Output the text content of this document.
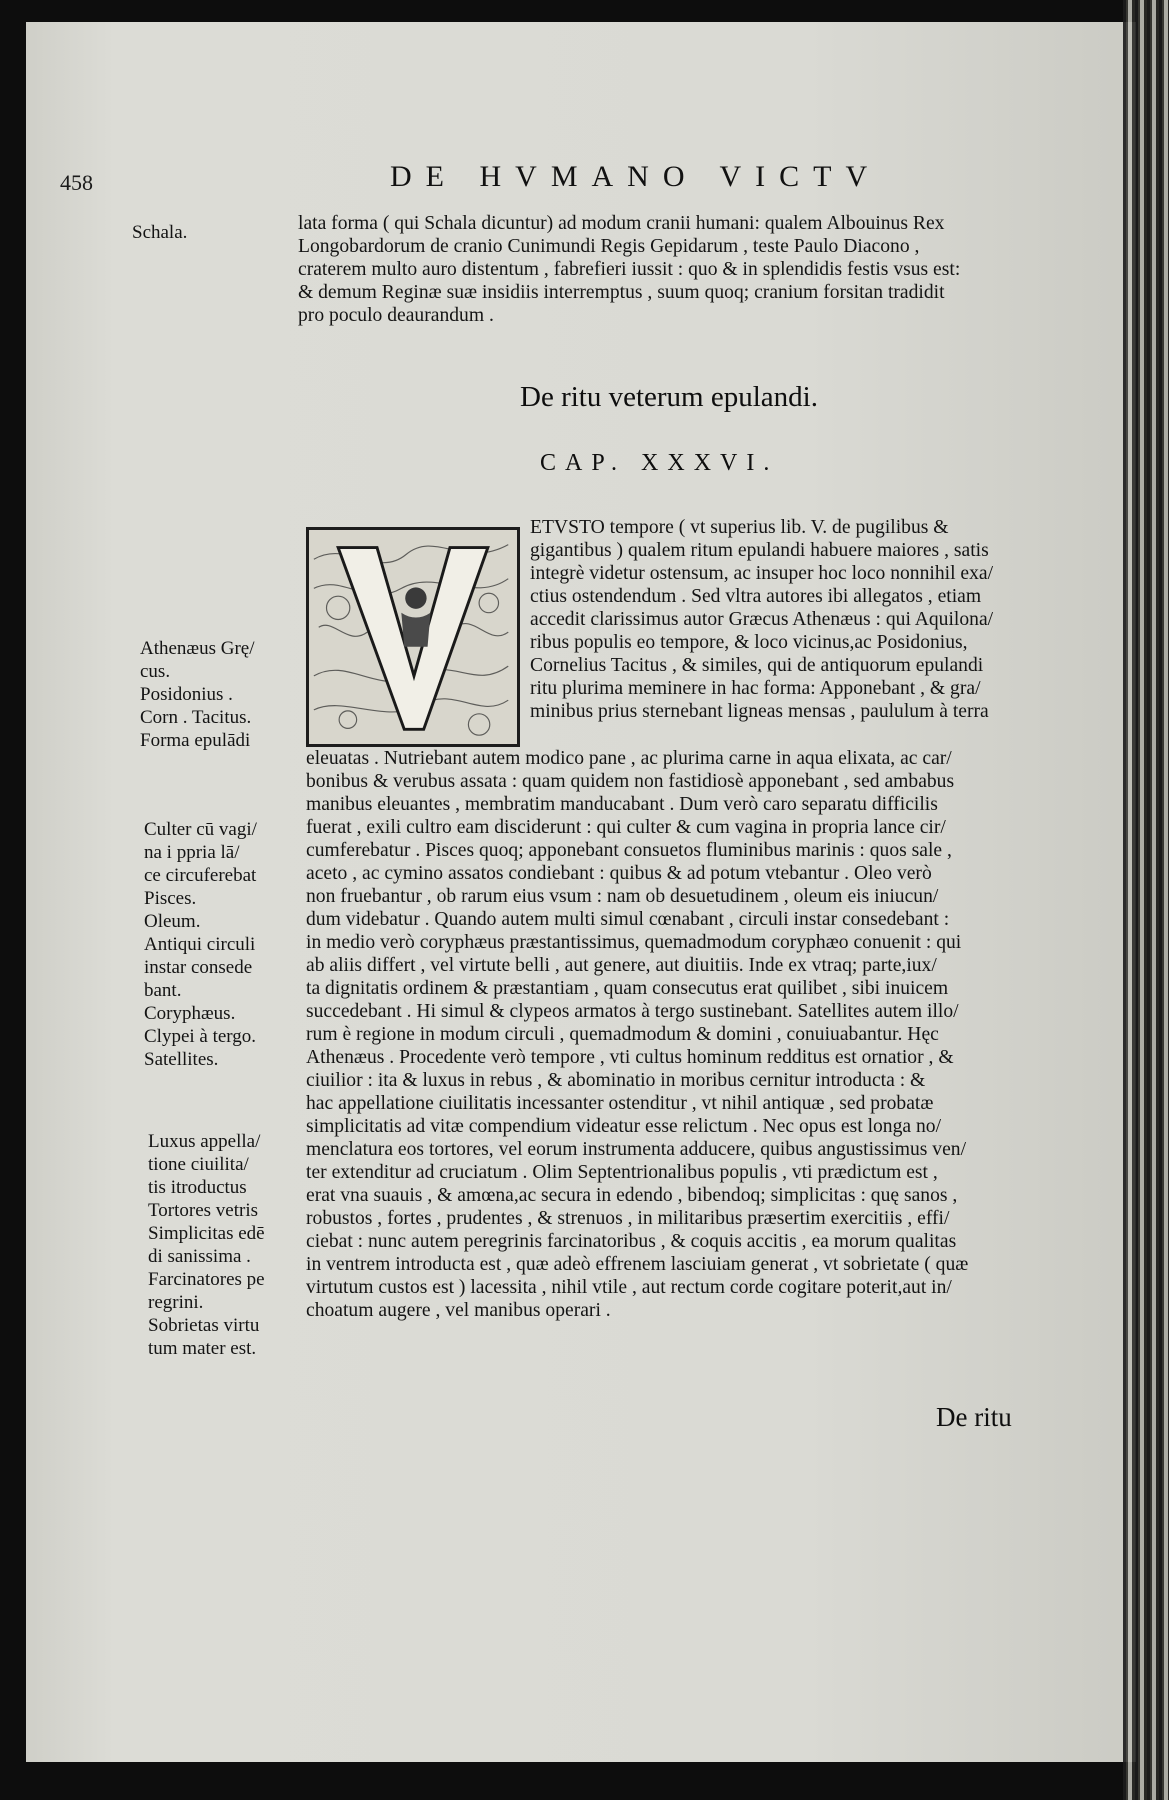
458	DE HVMANO VICTV
Schala.	lata forma ( qui Schala dicuntur) ad modum cranii humani: qualem Albouinus Rex
Longobardorum de cranio Cunimundi Regis Gepidarum , teste Paulo Diacono ,
craterem multo auro distentum , fabrefieri iussit : quo & in splendidis festis vsus est:
& demum Reginæ suæ insidiis interremptus , suum quoq; cranium forsitan tradidit
pro poculo deaurandum .
De ritu veterum epulandi.
CAP. XXXVI.
ETVSTO tempore ( vt superius lib. V. de pugilibus &
gigantibus ) qualem ritum epulandi habuere maiores , satis
integrè videtur ostensum, ac insuper hoc loco nonnihil exa/
ctius ostendendum . Sed vltra autores ibi allegatos , etiam
accedit clarissimus autor Græcus Athenæus : qui Aquilona/
ribus populis eo tempore, & loco vicinus,ac Posidonius,
Cornelius Tacitus , & similes, qui de antiquorum epulandi
ritu plurima meminere in hac forma: Apponebant , & gra/
minibus prius sternebant ligneas mensas , paululum à terra
eleuatas . Nutriebant autem modico pane , ac plurima carne in aqua elixata, ac car/
bonibus & verubus assata : quam quidem non fastidiosè apponebant , sed ambabus
manibus eleuantes , membratim manducabant . Dum verò caro separatu difficilis
fuerat , exili cultro eam disciderunt : qui culter & cum vagina in propria lance cir/
cumferebatur . Pisces quoq; apponebant consuetos fluminibus marinis : quos sale ,
aceto , ac cymino assatos condiebant : quibus & ad potum vtebantur . Oleo verò
non fruebantur , ob rarum eius vsum : nam ob desuetudinem , oleum eis iniucun/
dum videbatur . Quando autem multi simul cœnabant , circuli instar consedebant :
in medio verò coryphæus præstantissimus, quemadmodum coryphæo conuenit : qui
ab aliis differt , vel virtute belli , aut genere, aut diuitiis. Inde ex vtraq; parte,iux/
ta dignitatis ordinem & præstantiam , quam consecutus erat quilibet , sibi inuicem
succedebant . Hi simul & clypeos armatos à tergo sustinebant. Satellites autem illo/
rum è regione in modum circuli , quemadmodum & domini , conuiuabantur. Hęc
Athenæus . Procedente verò tempore , vti cultus hominum redditus est ornatior , &
ciuilior : ita & luxus in rebus , & abominatio in moribus cernitur introducta : &
hac appellatione ciuilitatis incessanter ostenditur , vt nihil antiquæ , sed probatæ
simplicitatis ad vitæ compendium videatur esse relictum . Nec opus est longa no/
menclatura eos tortores, vel eorum instrumenta adducere, quibus angustissimus ven/
ter extenditur ad cruciatum . Olim Septentrionalibus populis , vti prædictum est ,
erat vna suauis , & amœna,ac secura in edendo , bibendoq; simplicitas : quę sanos ,
robustos , fortes , prudentes , & strenuos , in militaribus præsertim exercitiis , effi/
ciebat : nunc autem peregrinis farcinatoribus , & coquis accitis , ea morum qualitas
in ventrem introducta est , quæ adeò effrenem lasciuiam generat , vt sobrietate ( quæ
virtutum custos est ) lacessita , nihil vtile , aut rectum corde cogitare poterit,aut in/
choatum augere , vel manibus operari .
Athenæus Grę/
cus.
Posidonius .
Corn . Tacitus.
Forma epulādi
Culter cū vagi/
na i ppria lā/
ce circuferebat
Pisces.
Oleum.
Antiqui circuli
instar consede
bant.
Coryphæus.
Clypei à tergo.
Satellites.
Luxus appella/
tione ciuilita/
tis itroductus
Tortores vetris
Simplicitas edē
di sanissima .
Farcinatores pe
regrini.
Sobrietas virtu
tum mater est.
De ritu
